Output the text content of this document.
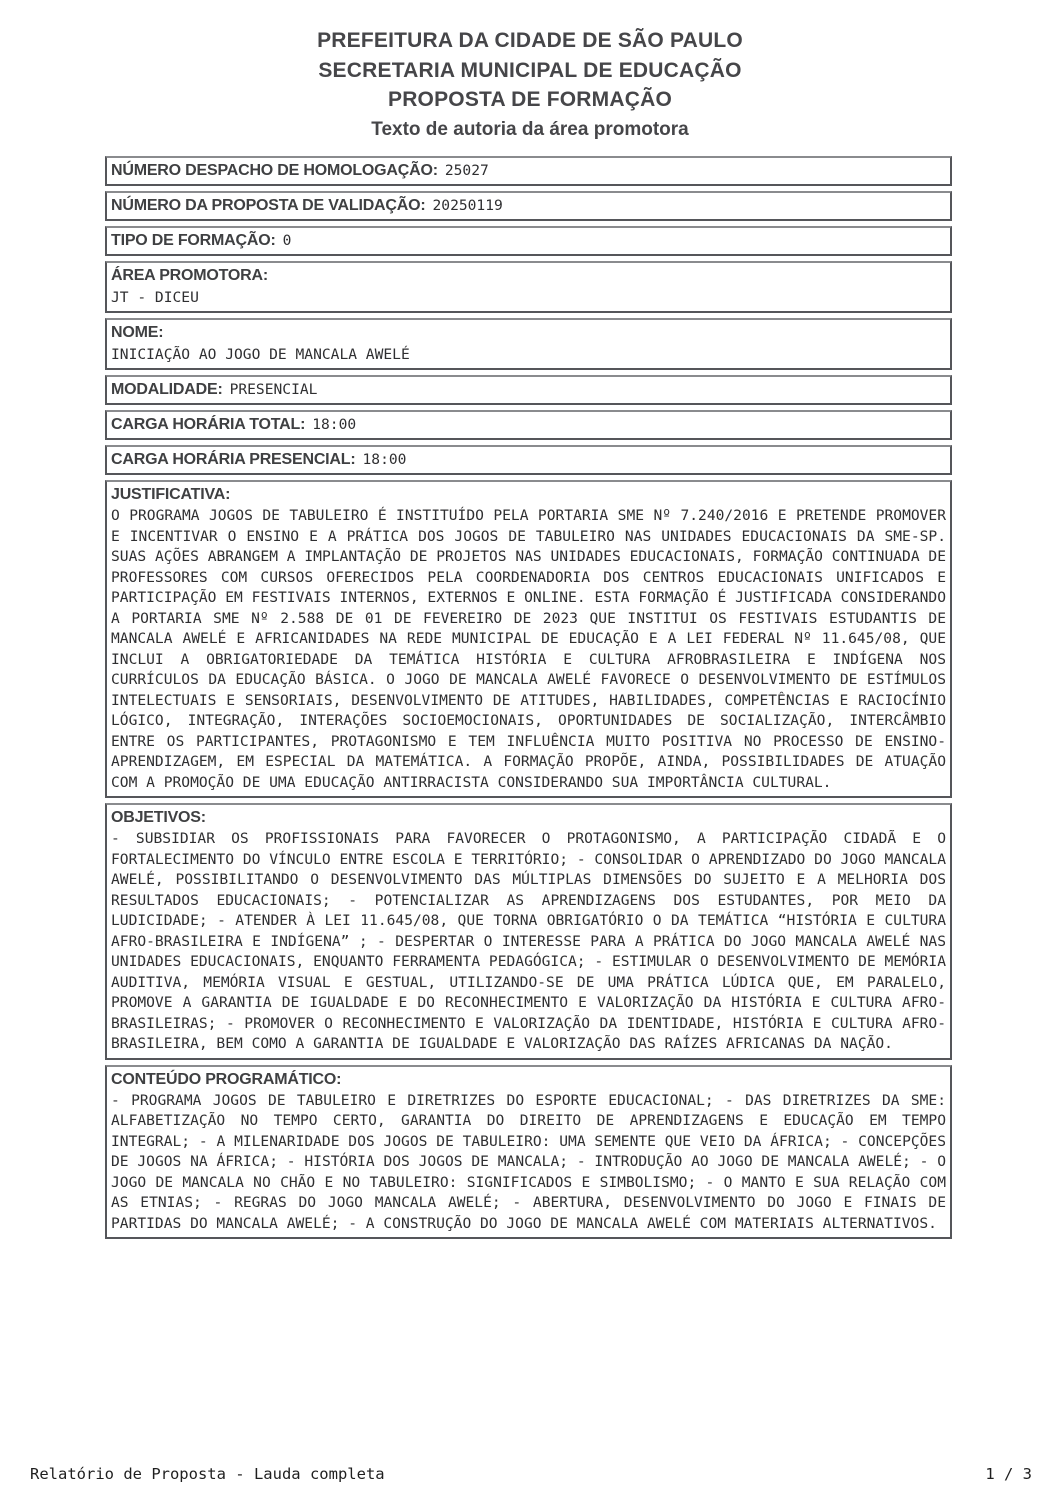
PREFEITURA DA CIDADE DE SÃO PAULO
SECRETARIA MUNICIPAL DE EDUCAÇÃO
PROPOSTA DE FORMAÇÃO
Texto de autoria da área promotora
NÚMERO DESPACHO DE HOMOLOGAÇÃO: 25027
NÚMERO DA PROPOSTA DE VALIDAÇÃO: 20250119
TIPO DE FORMAÇÃO: 0
ÁREA PROMOTORA:
JT - DICEU
NOME:
INICIAÇÃO AO JOGO DE MANCALA AWELÉ
MODALIDADE: PRESENCIAL
CARGA HORÁRIA TOTAL: 18:00
CARGA HORÁRIA PRESENCIAL: 18:00
JUSTIFICATIVA:
O PROGRAMA JOGOS DE TABULEIRO É INSTITUÍDO PELA PORTARIA SME Nº 7.240/2016 E PRETENDE PROMOVER E INCENTIVAR O ENSINO E A PRÁTICA DOS JOGOS DE TABULEIRO NAS UNIDADES EDUCACIONAIS DA SME-SP. SUAS AÇÕES ABRANGEM A IMPLANTAÇÃO DE PROJETOS NAS UNIDADES EDUCACIONAIS, FORMAÇÃO CONTINUADA DE PROFESSORES COM CURSOS OFERECIDOS PELA COORDENADORIA DOS CENTROS EDUCACIONAIS UNIFICADOS E PARTICIPAÇÃO EM FESTIVAIS INTERNOS, EXTERNOS E ONLINE. ESTA FORMAÇÃO É JUSTIFICADA CONSIDERANDO A PORTARIA SME Nº 2.588 DE 01 DE FEVEREIRO DE 2023 QUE INSTITUI OS FESTIVAIS ESTUDANTIS DE MANCALA AWELÉ E AFRICANIDADES NA REDE MUNICIPAL DE EDUCAÇÃO E A LEI FEDERAL Nº 11.645/08, QUE INCLUI A OBRIGATORIEDADE DA TEMÁTICA HISTÓRIA E CULTURA AFROBRASILEIRA E INDÍGENA NOS CURRÍCULOS DA EDUCAÇÃO BÁSICA. O JOGO DE MANCALA AWELÉ FAVORECE O DESENVOLVIMENTO DE ESTÍMULOS INTELECTUAIS E SENSORIAIS, DESENVOLVIMENTO DE ATITUDES, HABILIDADES, COMPETÊNCIAS E RACIOCÍNIO LÓGICO, INTEGRAÇÃO, INTERAÇÕES SOCIOEMOCIONAIS, OPORTUNIDADES DE SOCIALIZAÇÃO, INTERCÂMBIO ENTRE OS PARTICIPANTES, PROTAGONISMO E TEM INFLUÊNCIA MUITO POSITIVA NO PROCESSO DE ENSINO-APRENDIZAGEM, EM ESPECIAL DA MATEMÁTICA. A FORMAÇÃO PROPÕE, AINDA, POSSIBILIDADES DE ATUAÇÃO COM A PROMOÇÃO DE UMA EDUCAÇÃO ANTIRRACISTA CONSIDERANDO SUA IMPORTÂNCIA CULTURAL.
OBJETIVOS:
- SUBSIDIAR OS PROFISSIONAIS PARA FAVORECER O PROTAGONISMO, A PARTICIPAÇÃO CIDADÃ E O FORTALECIMENTO DO VÍNCULO ENTRE ESCOLA E TERRITÓRIO; - CONSOLIDAR O APRENDIZADO DO JOGO MANCALA AWELÉ, POSSIBILITANDO O DESENVOLVIMENTO DAS MÚLTIPLAS DIMENSÕES DO SUJEITO E A MELHORIA DOS RESULTADOS EDUCACIONAIS; - POTENCIALIZAR AS APRENDIZAGENS DOS ESTUDANTES, POR MEIO DA LUDICIDADE; - ATENDER À LEI 11.645/08, QUE TORNA OBRIGATÓRIO O DA TEMÁTICA “HISTÓRIA E CULTURA AFRO-BRASILEIRA E INDÍGENA” ; - DESPERTAR O INTERESSE PARA A PRÁTICA DO JOGO MANCALA AWELÉ NAS UNIDADES EDUCACIONAIS, ENQUANTO FERRAMENTA PEDAGÓGICA; - ESTIMULAR O DESENVOLVIMENTO DE MEMÓRIA AUDITIVA, MEMÓRIA VISUAL E GESTUAL, UTILIZANDO-SE DE UMA PRÁTICA LÚDICA QUE, EM PARALELO, PROMOVE A GARANTIA DE IGUALDADE E DO RECONHECIMENTO E VALORIZAÇÃO DA HISTÓRIA E CULTURA AFRO-BRASILEIRAS; - PROMOVER O RECONHECIMENTO E VALORIZAÇÃO DA IDENTIDADE, HISTÓRIA E CULTURA AFRO-BRASILEIRA, BEM COMO A GARANTIA DE IGUALDADE E VALORIZAÇÃO DAS RAÍZES AFRICANAS DA NAÇÃO.
CONTEÚDO PROGRAMÁTICO:
- PROGRAMA JOGOS DE TABULEIRO E DIRETRIZES DO ESPORTE EDUCACIONAL; - DAS DIRETRIZES DA SME: ALFABETIZAÇÃO NO TEMPO CERTO, GARANTIA DO DIREITO DE APRENDIZAGENS E EDUCAÇÃO EM TEMPO INTEGRAL; - A MILENARIDADE DOS JOGOS DE TABULEIRO: UMA SEMENTE QUE VEIO DA ÁFRICA; - CONCEPÇÕES DE JOGOS NA ÁFRICA; - HISTÓRIA DOS JOGOS DE MANCALA; - INTRODUÇÃO AO JOGO DE MANCALA AWELÉ; - O JOGO DE MANCALA NO CHÃO E NO TABULEIRO: SIGNIFICADOS E SIMBOLISMO; - O MANTO E SUA RELAÇÃO COM AS ETNIAS; - REGRAS DO JOGO MANCALA AWELÉ; - ABERTURA, DESENVOLVIMENTO DO JOGO E FINAIS DE PARTIDAS DO MANCALA AWELÉ; - A CONSTRUÇÃO DO JOGO DE MANCALA AWELÉ COM MATERIAIS ALTERNATIVOS.
Relatório de Proposta - Lauda completa	1 / 3
